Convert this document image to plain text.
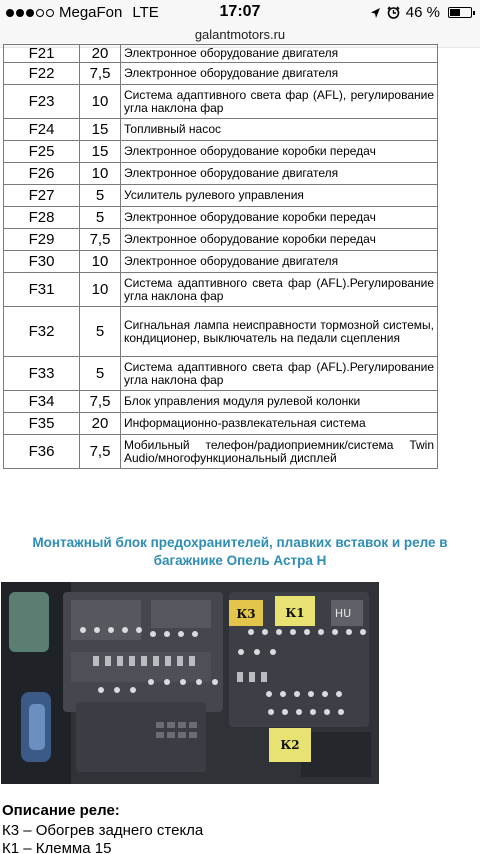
MegaFon LTE	17:07	46 %
galantmotors.ru
F21	20	Электронное оборудование двигателя
F22	7,5	Электронное оборудование двигателя
F23	10	Система адаптивного света фар (AFL), регулирование угла наклона фар
F24	15	Топливный насос
F25	15	Электронное оборудование коробки передач
F26	10	Электронное оборудование двигателя
F27	5	Усилитель рулевого управления
F28	5	Электронное оборудование коробки передач
F29	7,5	Электронное оборудование коробки передач
F30	10	Электронное оборудование двигателя
F31	10	Система адаптивного света фар (AFL).Регулирование угла наклона фар
F32	5	Сигнальная лампа неисправности тормозной системы, кондиционер, выключатель на педали сцепления
F33	5	Система адаптивного света фар (AFL).Регулирование угла наклона фар
F34	7,5	Блок управления модуля рулевой колонки
F35	20	Информационно-развлекательная система
F36	7,5	Мобильный телефон/радиоприемник/система Twin Audio/многофункциональный дисплей
Монтажный блок предохранителей, плавких вставок и реле в
багажнике Опель Астра Н
К3 К1	HU
К2
Описание реле:
К3 – Обогрев заднего стекла
К1 – Клемма 15
